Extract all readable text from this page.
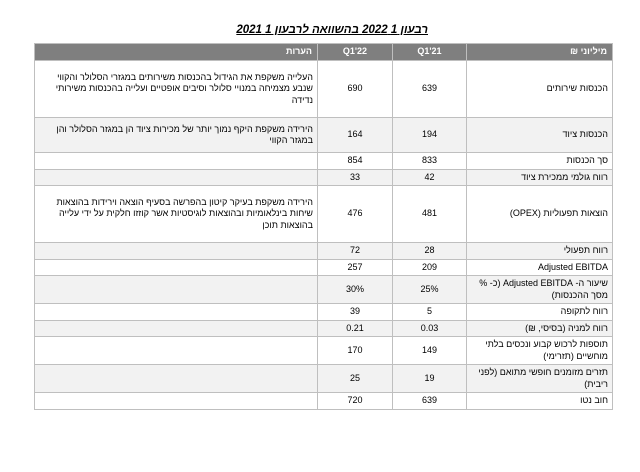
רבעון 1 2022 בהשוואה לרבעון 1 2021
מיליוני ₪	Q1'21	Q1'22	הערות
הכנסות שירותים	639	690	העלייה משקפת את הגידול בהכנסות משירותים במגזרי הסלולר והקווי שנבע מצמיחה במנויי סלולר וסיבים אופטיים ועלייה בהכנסות משירותי נדידה
הכנסות ציוד	194	164	הירידה משקפת היקף נמוך יותר של מכירות ציוד הן במגזר הסלולר והן במגזר הקווי
סך הכנסות	833	854	
רווח גולמי ממכירת ציוד	42	33	
הוצאות תפעוליות (OPEX)	481	476	הירידה משקפת בעיקר קיטון בהפרשה בסעיף הוצאה וירידות בהוצאות שיחות בינלאומיות ובהוצאות לוגיסטיות אשר קוזזו חלקית על ידי עלייה בהוצאות תוכן
רווח תפעולי	28	72	
Adjusted EBITDA	209	257	
שיעור ה- Adjusted EBITDA (כ- % מסך ההכנסות)	25%	30%	
רווח לתקופה	5	39	
רווח למניה (בסיסי, ₪)	0.03	0.21	
תוספות לרכוש קבוע ונכסים בלתי מוחשיים (תזרימי)	149	170	
תזרים מזומנים חופשי מתואם (לפני ריבית)	19	25	
חוב נטו	639	720	
